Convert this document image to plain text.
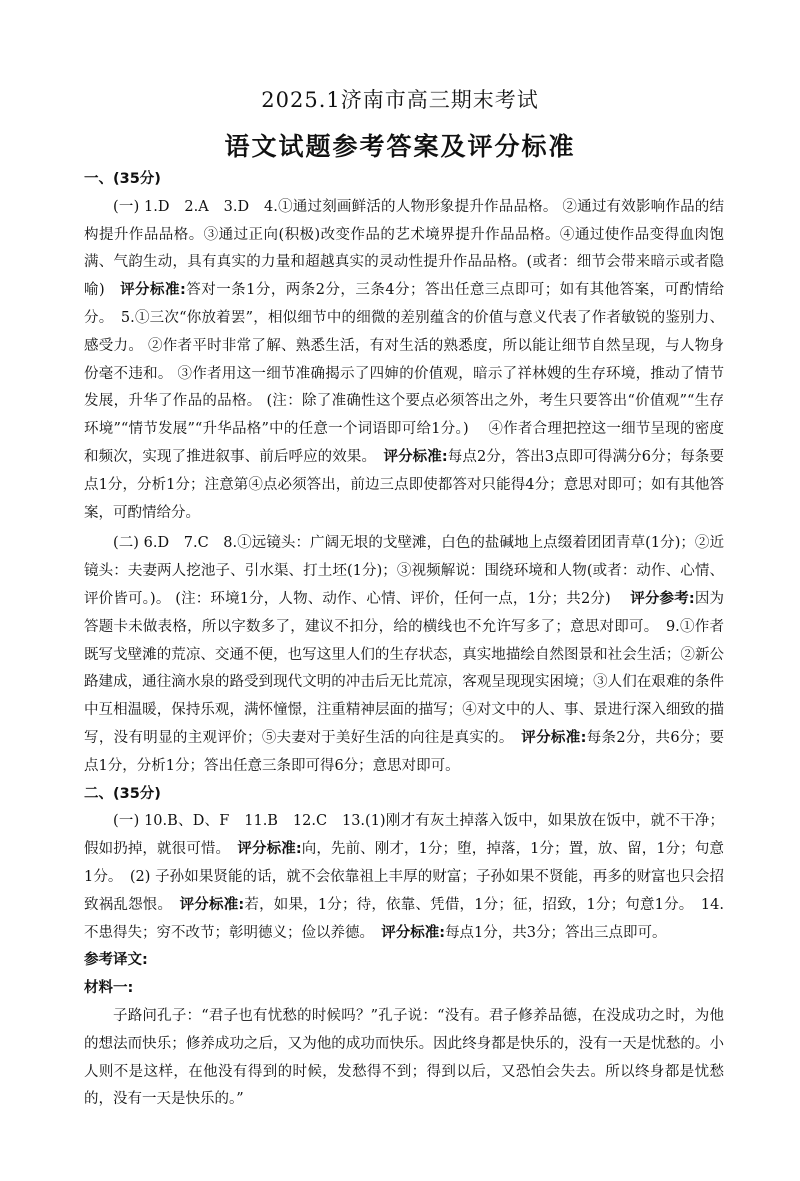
2025.1济南市高三期末考试
语文试题参考答案及评分标准

一、(35分)

(一) 1.D　2.A　3.D　4.①通过刻画鲜活的人物形象提升作品品格。 ②通过有效影响作品的结构提升作品品格。③通过正向(积极)改变作品的艺术境界提升作品品格。④通过使作品变得血肉饱满、气韵生动，具有真实的力量和超越真实的灵动性提升作品品格。(或者：细节会带来暗示或者隐喻)　评分标准:答对一条1分，两条2分，三条4分；答出任意三点即可；如有其他答案，可酌情给分。　5.①三次“你放着罢”，相似细节中的细微的差别蕴含的价值与意义代表了作者敏锐的鉴别力、感受力。 ②作者平时非常了解、熟悉生活，有对生活的熟悉度，所以能让细节自然呈现，与人物身份毫不违和。 ③作者用这一细节准确揭示了四婶的价值观，暗示了祥林嫂的生存环境，推动了情节发展，升华了作品的品格。 (注：除了准确性这个要点必须答出之外，考生只要答出“价值观”“生存环境”“情节发展”“升华品格”中的任意一个词语即可给1分。)　 ④作者合理把控这一细节呈现的密度和频次，实现了推进叙事、前后呼应的效果。　评分标准:每点2分，答出3点即可得满分6分；每条要点1分，分析1分；注意第④点必须答出，前边三点即使都答对只能得4分；意思对即可；如有其他答案，可酌情给分。

(二) 6.D　7.C　8.①远镜头：广阔无垠的戈壁滩，白色的盐碱地上点缀着团团青草(1分)；②近镜头：夫妻两人挖池子、引水渠、打土坯(1分)；③视频解说：围绕环境和人物(或者：动作、心情、评价皆可。)。 (注：环境1分，人物、动作、心情、评价，任何一点，1分；共2分)　 评分参考:因为答题卡未做表格，所以字数多了，建议不扣分，给的横线也不允许写多了；意思对即可。　9.①作者既写戈壁滩的荒凉、交通不便，也写这里人们的生存状态，真实地描绘自然图景和社会生活；②新公路建成，通往滴水泉的路受到现代文明的冲击后无比荒凉，客观呈现现实困境；③人们在艰难的条件中互相温暖，保持乐观，满怀憧憬，注重精神层面的描写；④对文中的人、事、景进行深入细致的描写，没有明显的主观评价；⑤夫妻对于美好生活的向往是真实的。　评分标准:每条2分，共6分；要点1分，分析1分；答出任意三条即可得6分；意思对即可。

二、(35分)

(一) 10.B、D、F　11.B　12.C　13.(1)刚才有灰土掉落入饭中，如果放在饭中，就不干净；假如扔掉，就很可惜。　评分标准:向，先前、刚才，1分；堕，掉落，1分；置，放、留，1分；句意1分。　(2) 子孙如果贤能的话，就不会依靠祖上丰厚的财富；子孙如果不贤能，再多的财富也只会招致祸乱怨恨。　评分标准:若，如果，1分；待，依靠、凭借，1分；征，招致，1分；句意1分。　14.不患得失；穷不改节；彰明德义；俭以养德。　评分标准:每点1分，共3分；答出三点即可。

参考译文:

材料一:

子路问孔子：“君子也有忧愁的时候吗？”孔子说：“没有。君子修养品德，在没成功之时，为他的想法而快乐；修养成功之后，又为他的成功而快乐。因此终身都是快乐的，没有一天是忧愁的。小人则不是这样，在他没有得到的时候，发愁得不到；得到以后，又恐怕会失去。所以终身都是忧愁的，没有一天是快乐的。”
